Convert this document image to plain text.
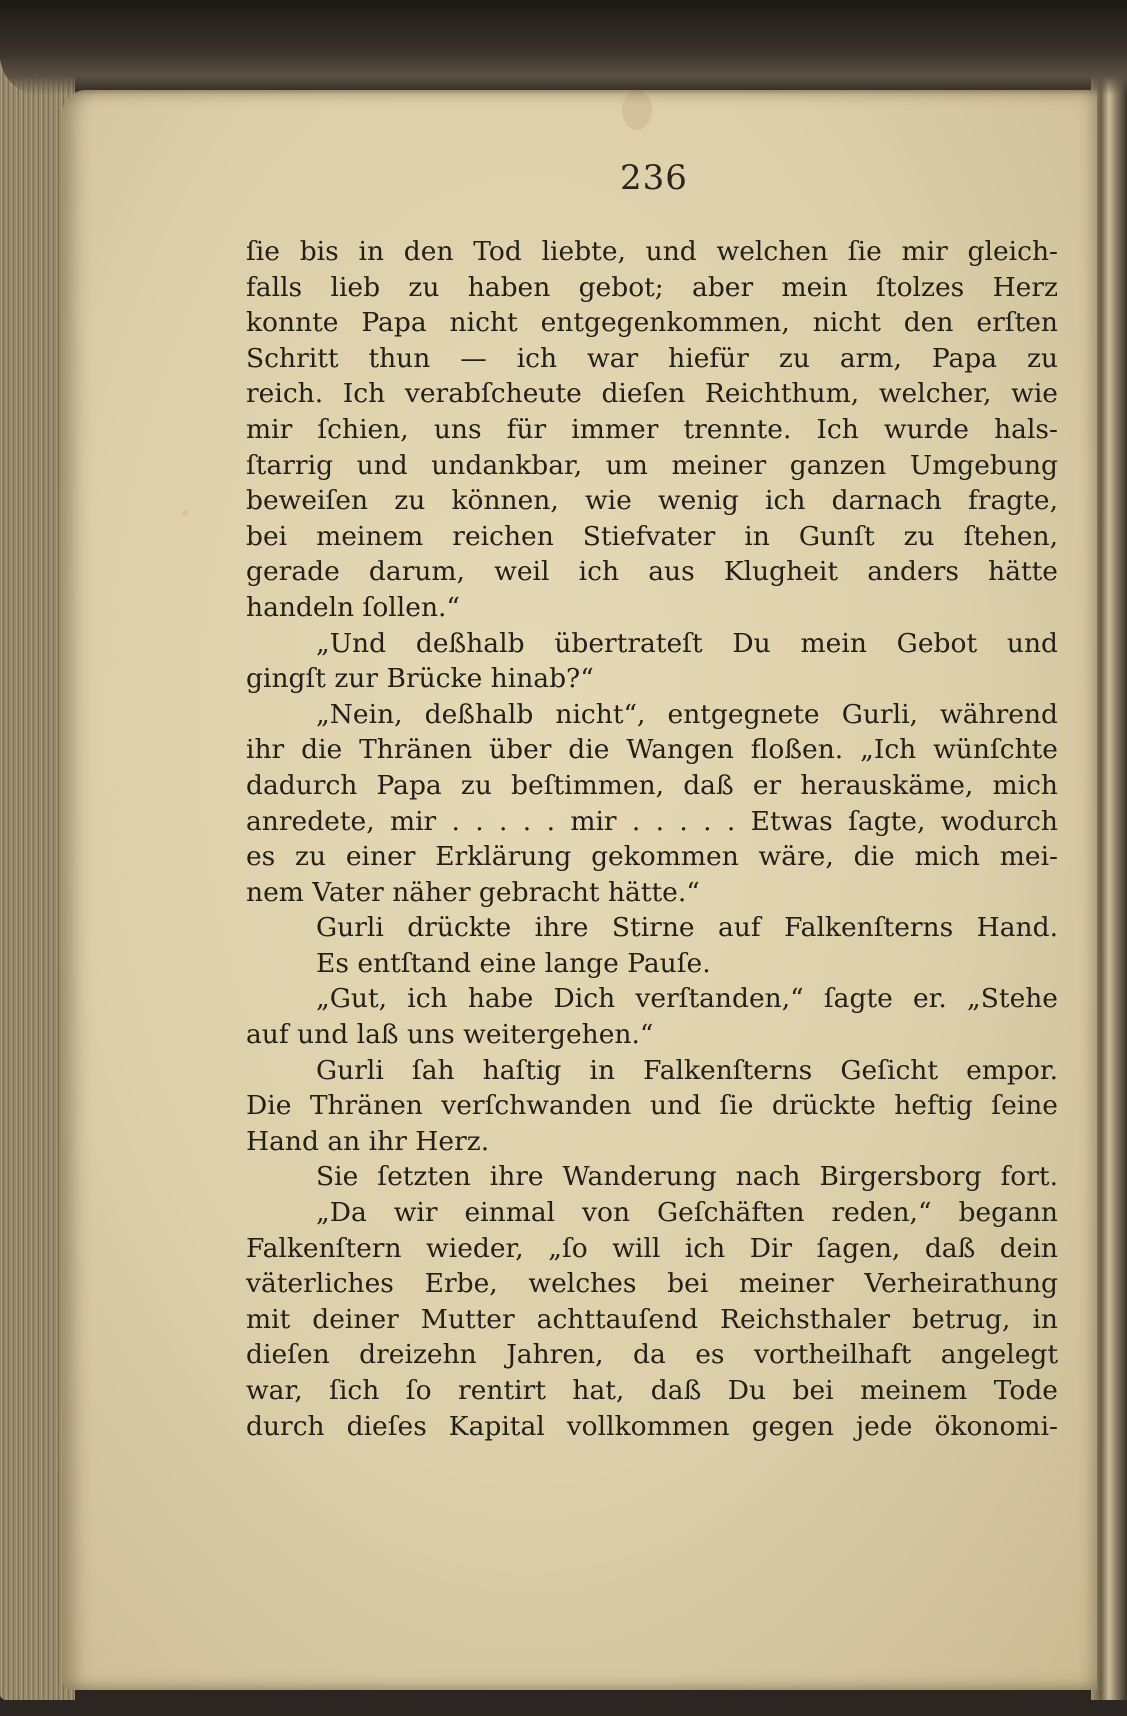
236
ſie bis in den Tod liebte, und welchen ſie mir gleich-
falls lieb zu haben gebot; aber mein ſtolzes Herz
konnte Papa nicht entgegenkommen, nicht den erſten
Schritt thun — ich war hiefür zu arm, Papa zu
reich. Ich verabſcheute dieſen Reichthum, welcher, wie
mir ſchien, uns für immer trennte. Ich wurde hals-
ſtarrig und undankbar, um meiner ganzen Umgebung
beweiſen zu können, wie wenig ich darnach fragte,
bei meinem reichen Stiefvater in Gunſt zu ſtehen,
gerade darum, weil ich aus Klugheit anders hätte
handeln ſollen.“
„Und deßhalb übertrateſt Du mein Gebot und
gingſt zur Brücke hinab?“
„Nein, deßhalb nicht“, entgegnete Gurli, während
ihr die Thränen über die Wangen floßen. „Ich wünſchte
dadurch Papa zu beſtimmen, daß er herauskäme, mich
anredete, mir . . . . . mir . . . . . Etwas ſagte, wodurch
es zu einer Erklärung gekommen wäre, die mich mei-
nem Vater näher gebracht hätte.“
Gurli drückte ihre Stirne auf Falkenſterns Hand.
Es entſtand eine lange Pauſe.
„Gut, ich habe Dich verſtanden,“ ſagte er. „Stehe
auf und laß uns weitergehen.“
Gurli ſah haſtig in Falkenſterns Geſicht empor.
Die Thränen verſchwanden und ſie drückte heftig ſeine
Hand an ihr Herz.
Sie ſetzten ihre Wanderung nach Birgersborg fort.
„Da wir einmal von Geſchäften reden,“ begann
Falkenſtern wieder, „ſo will ich Dir ſagen, daß dein
väterliches Erbe, welches bei meiner Verheirathung
mit deiner Mutter achttauſend Reichsthaler betrug, in
dieſen dreizehn Jahren, da es vortheilhaft angelegt
war, ſich ſo rentirt hat, daß Du bei meinem Tode
durch dieſes Kapital vollkommen gegen jede ökonomi-
